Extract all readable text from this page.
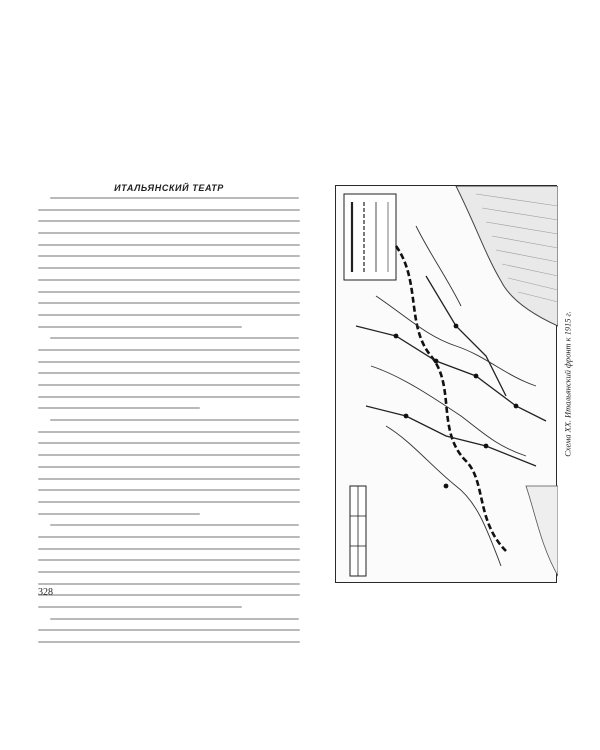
ИТАЛЬЯНСКИЙ ТЕАТР
328
Схема XX. Итальянский фронт к 1915 г.
